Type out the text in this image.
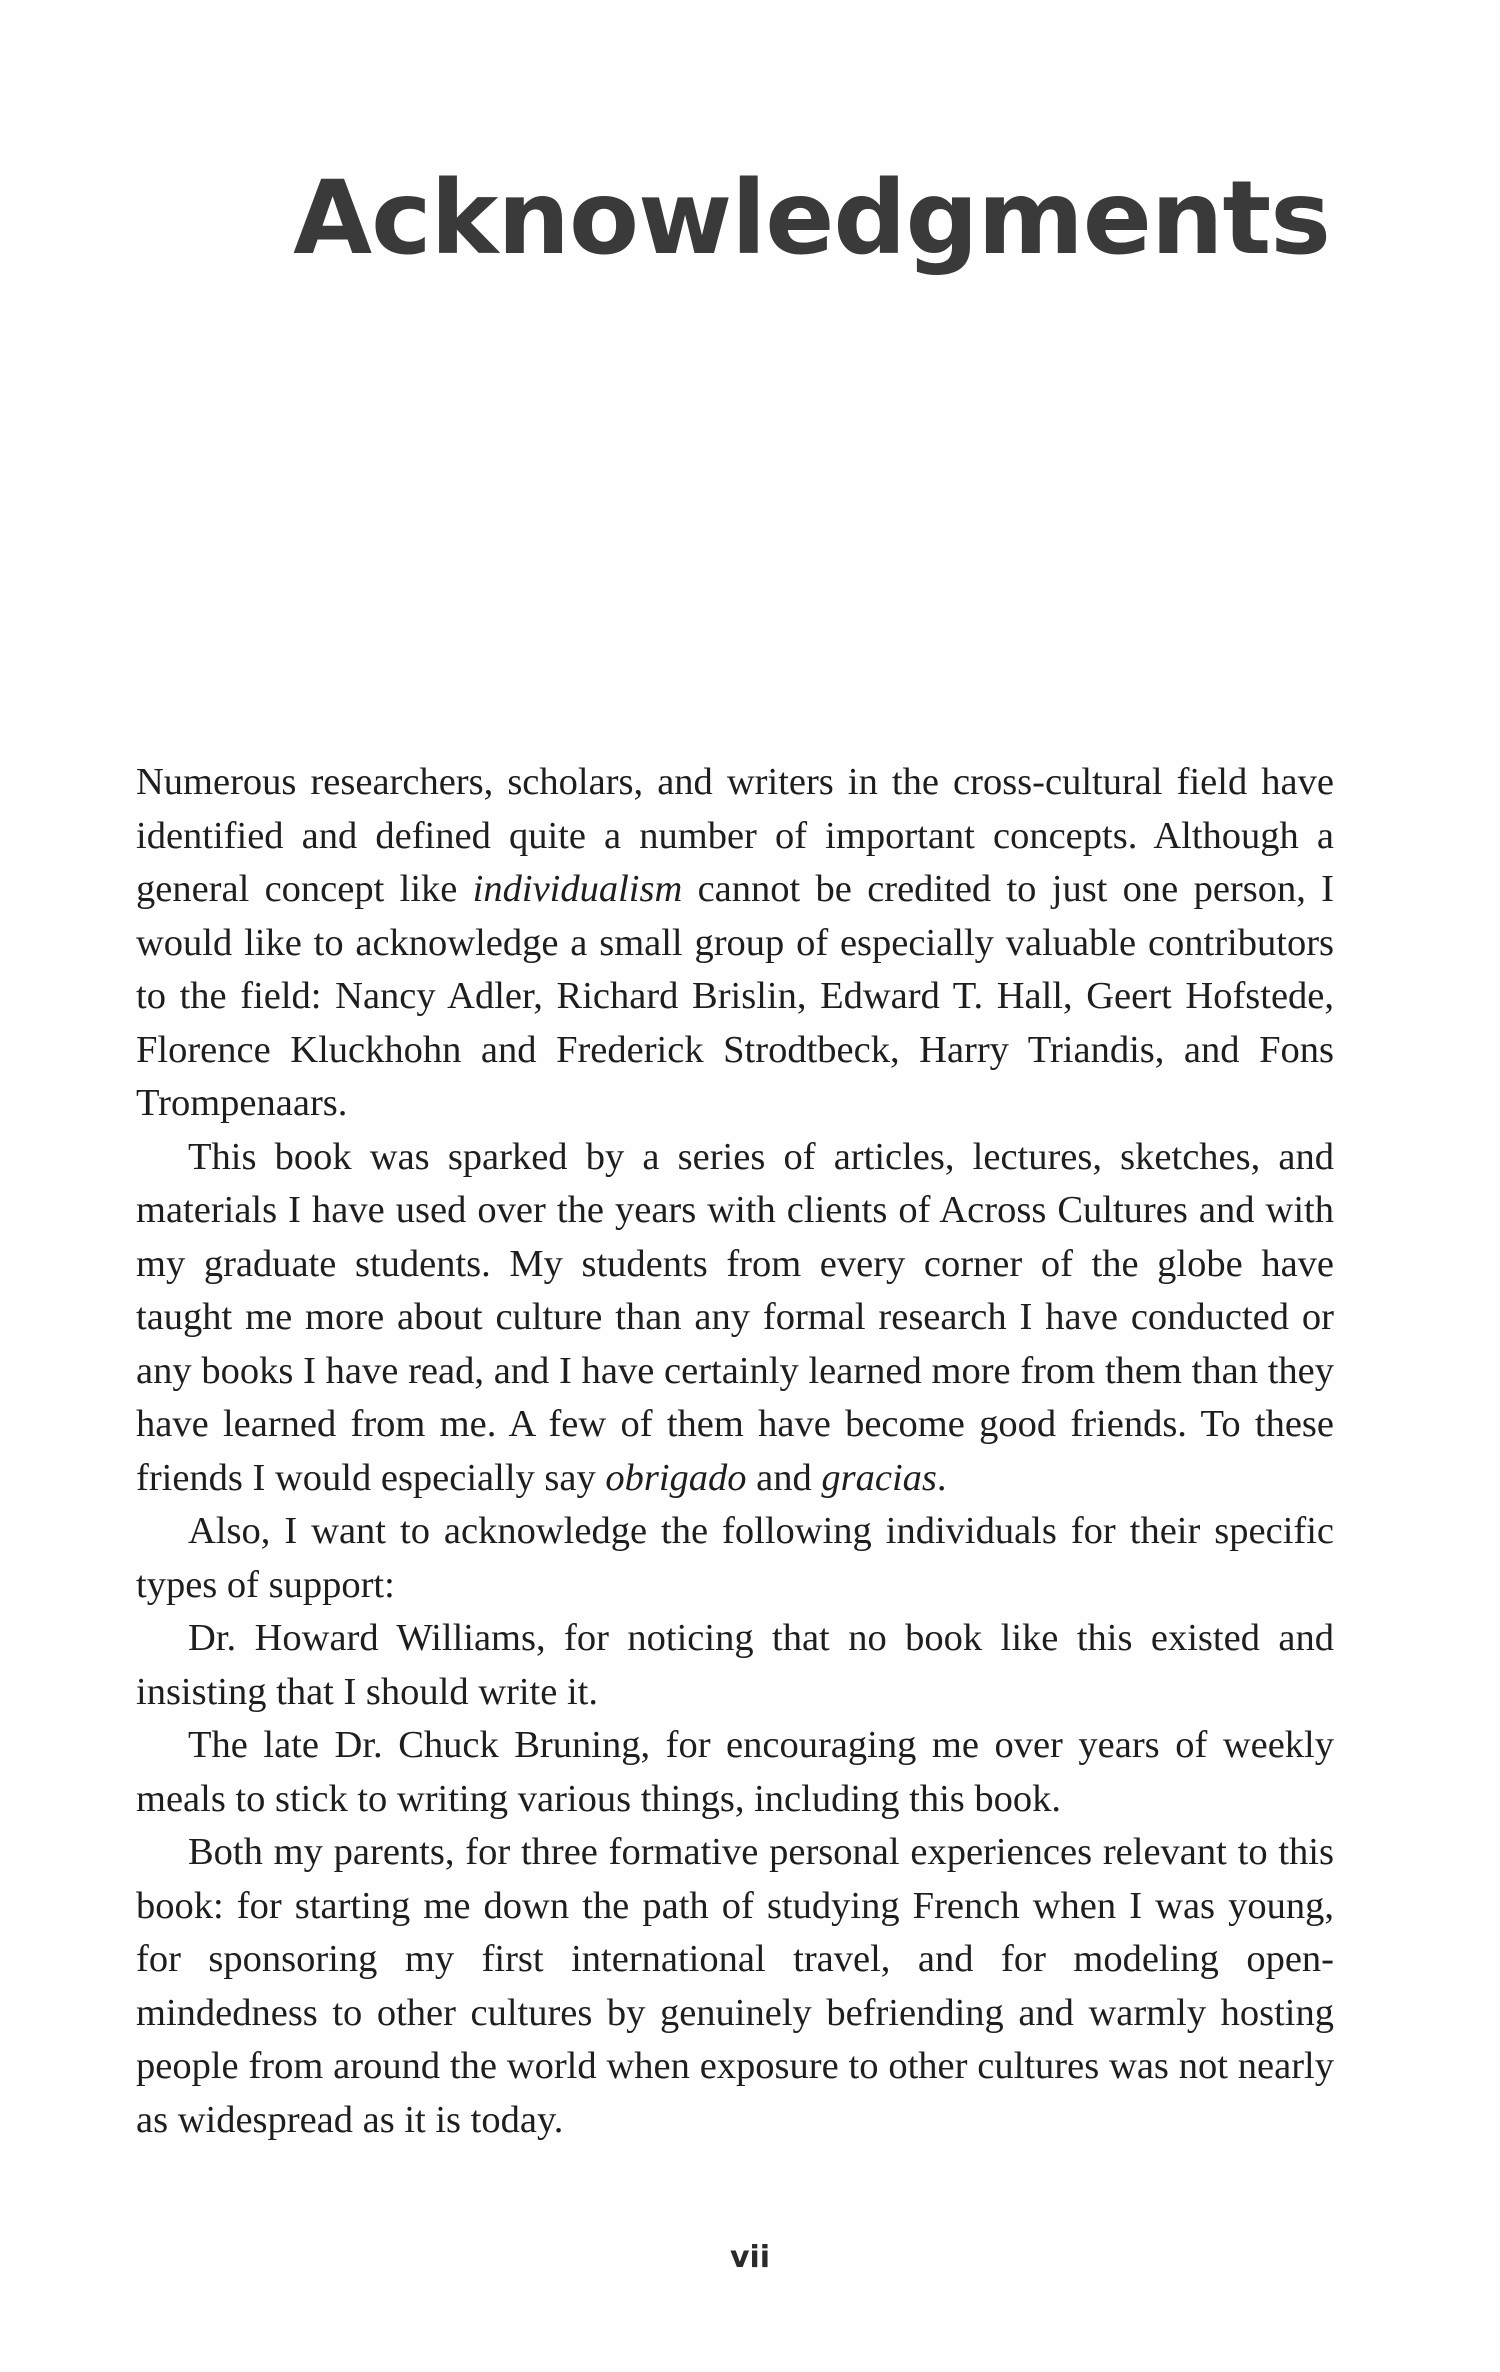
Acknowledgments

Numerous researchers, scholars, and writers in the cross-cultural field have identified and defined quite a number of important concepts. Although a general concept like individualism cannot be credited to just one person, I would like to acknowledge a small group of especially valuable contributors to the field: Nancy Adler, Richard Brislin, Edward T. Hall, Geert Hofstede, Florence Kluckhohn and Frederick Strodtbeck, Harry Triandis, and Fons Trompenaars.

This book was sparked by a series of articles, lectures, sketches, and materials I have used over the years with clients of Across Cultures and with my graduate students. My students from every corner of the globe have taught me more about culture than any formal research I have conducted or any books I have read, and I have certainly learned more from them than they have learned from me. A few of them have become good friends. To these friends I would especially say obrigado and gracias.

Also, I want to acknowledge the following individuals for their specific types of support:

Dr. Howard Williams, for noticing that no book like this existed and insisting that I should write it.

The late Dr. Chuck Bruning, for encouraging me over years of weekly meals to stick to writing various things, including this book.

Both my parents, for three formative personal experiences relevant to this book: for starting me down the path of studying French when I was young, for sponsoring my first international travel, and for modeling open-mindedness to other cultures by genuinely befriending and warmly hosting people from around the world when exposure to other cultures was not nearly as widespread as it is today.

vii
